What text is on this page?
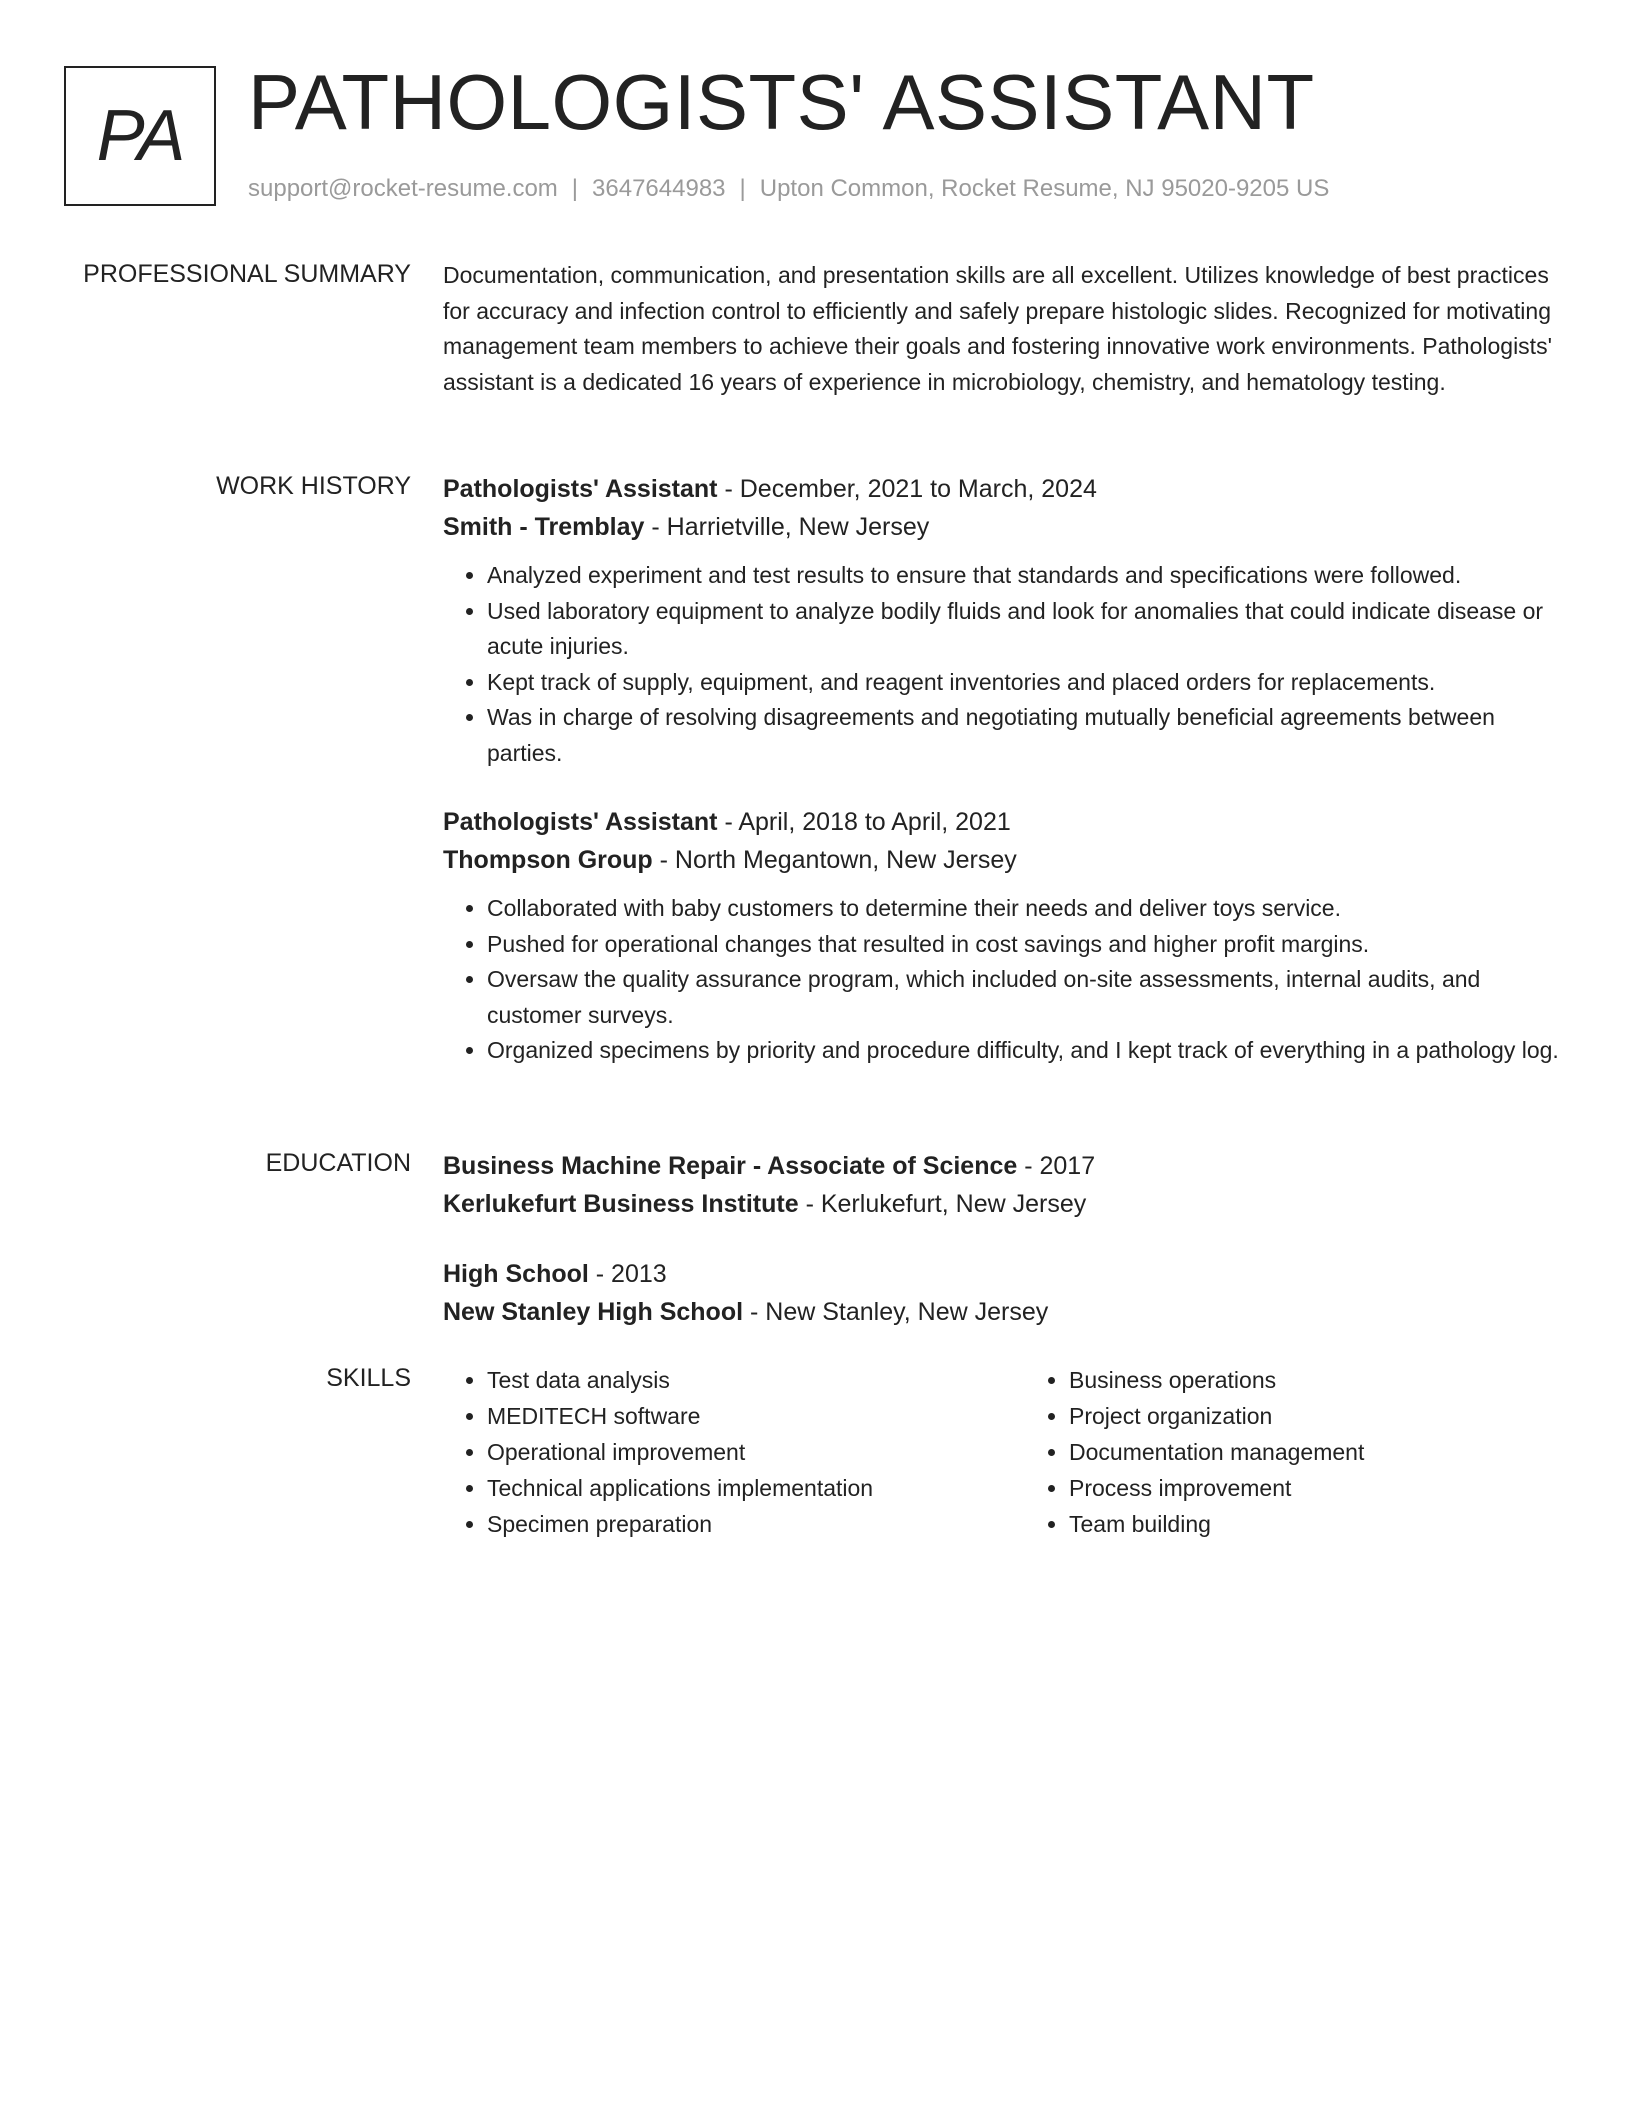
PA PATHOLOGISTS' ASSISTANT
support@rocket-resume.com | 3647644983 | Upton Common, Rocket Resume, NJ 95020-9205 US
PROFESSIONAL SUMMARY Documentation, communication, and presentation skills are all excellent. Utilizes knowledge of best practices for accuracy and infection control to efficiently and safely prepare histologic slides. Recognized for motivating management team members to achieve their goals and fostering innovative work environments. Pathologists' assistant is a dedicated 16 years of experience in microbiology, chemistry, and hematology testing.

WORK HISTORY Pathologists' Assistant - December, 2021 to March, 2024
Smith - Tremblay - Harrietville, New Jersey
• Analyzed experiment and test results to ensure that standards and specifications were followed.
• Used laboratory equipment to analyze bodily fluids and look for anomalies that could indicate disease or acute injuries.
• Kept track of supply, equipment, and reagent inventories and placed orders for replacements.
• Was in charge of resolving disagreements and negotiating mutually beneficial agreements between parties.
Pathologists' Assistant - April, 2018 to April, 2021
Thompson Group - North Megantown, New Jersey
• Collaborated with baby customers to determine their needs and deliver toys service.
• Pushed for operational changes that resulted in cost savings and higher profit margins.
• Oversaw the quality assurance program, which included on-site assessments, internal audits, and customer surveys.
• Organized specimens by priority and procedure difficulty, and I kept track of everything in a pathology log.
EDUCATION Business Machine Repair - Associate of Science - 2017
Kerlukefurt Business Institute - Kerlukefurt, New Jersey
High School - 2013
New Stanley High School - New Stanley, New Jersey
SKILLS
•	Test data analysis
• MEDITECH software
• Operational improvement
• Technical applications implementation
• Specimen preparation
• Business operations
• Project organization
• Documentation management
• Process improvement
• Team building
